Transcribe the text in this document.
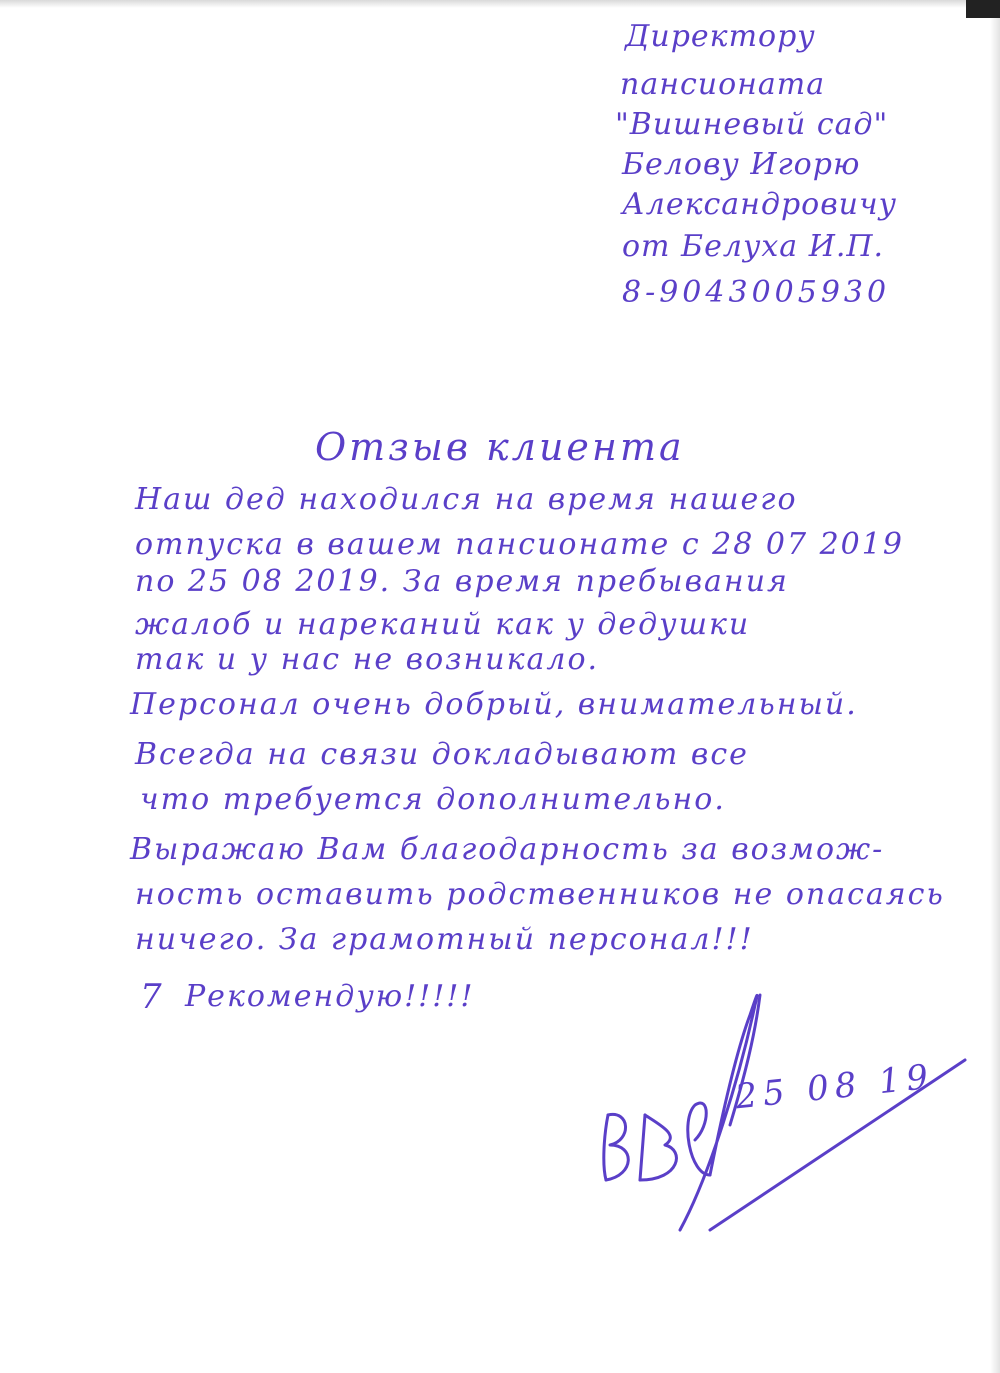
Директору
пансионата
"Вишневый сад"
Белову Игорю
Александровичу
от Белуха И.П.
8-9043005930
Отзыв клиента
Наш дед находился на время нашего
отпуска в вашем пансионате с 28 07 2019
по 25 08 2019. За время пребывания
жалоб и нареканий как у дедушки
так и у нас не возникало.
Персонал очень добрый, внимательный.
Всегда на связи докладывают все
что требуется дополнительно.
Выражаю Вам благодарность за возмож-
ность оставить родственников не опасаясь
ничего. За грамотный персонал!!!
Рекомендую!!!!!
7
25 08 19
